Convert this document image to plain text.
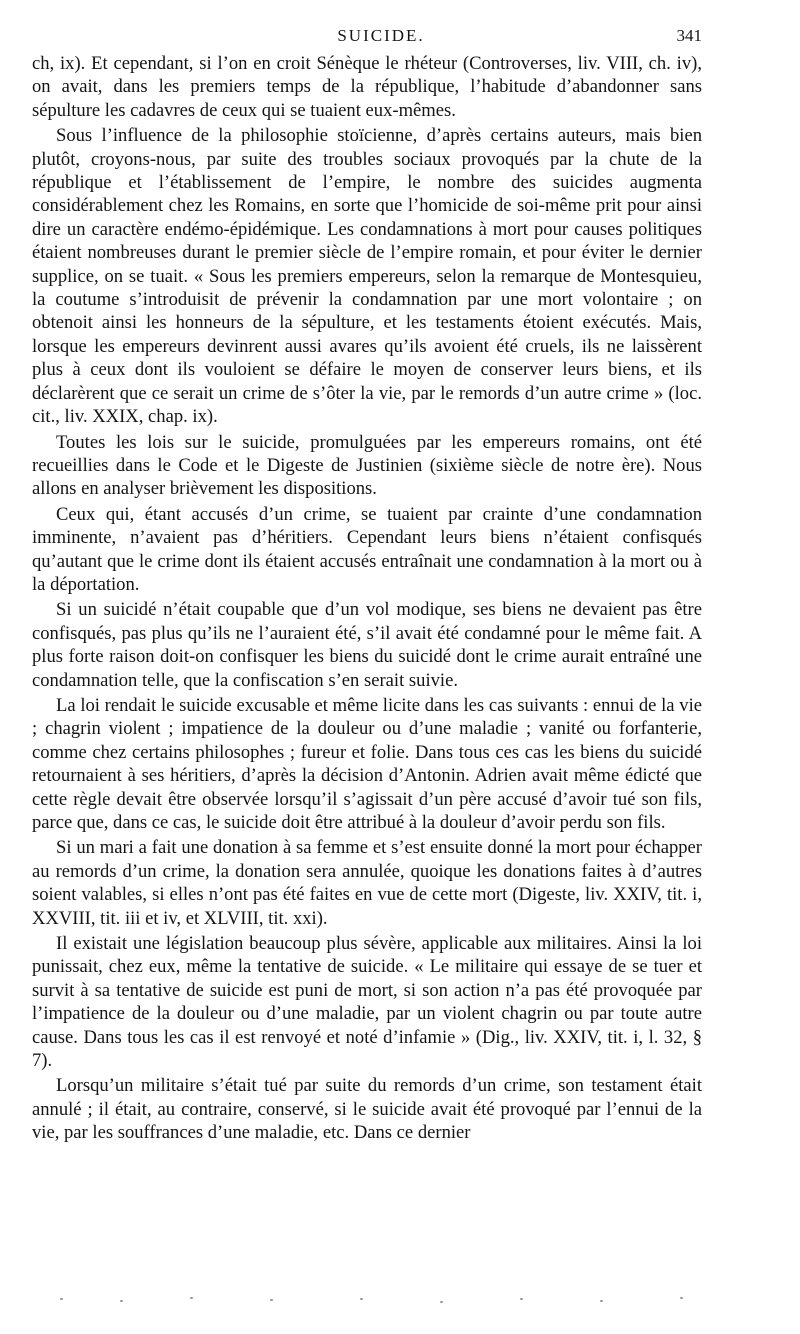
SUICIDE.	341

ch, ix). Et cependant, si l’on en croit Sénèque le rhéteur (Controverses, liv. VIII, ch. iv), on avait, dans les premiers temps de la république, l’habitude d’abandonner sans sépulture les cadavres de ceux qui se tuaient eux-mêmes.

Sous l’influence de la philosophie stoïcienne, d’après certains auteurs, mais bien plutôt, croyons-nous, par suite des troubles sociaux provoqués par la chute de la république et l’établissement de l’empire, le nombre des suicides augmenta considérablement chez les Romains, en sorte que l’homicide de soi-même prit pour ainsi dire un caractère endémo-épidémique. Les condamnations à mort pour causes politiques étaient nombreuses durant le premier siècle de l’empire romain, et pour éviter le dernier supplice, on se tuait. « Sous les premiers empereurs, selon la remarque de Montesquieu, la coutume s’introduisit de prévenir la condamnation par une mort volontaire ; on obtenoit ainsi les honneurs de la sépulture, et les testaments étoient exécutés. Mais, lorsque les empereurs devinrent aussi avares qu’ils avoient été cruels, ils ne laissèrent plus à ceux dont ils vouloient se défaire le moyen de conserver leurs biens, et ils déclarèrent que ce serait un crime de s’ôter la vie, par le remords d’un autre crime » (loc. cit., liv. XXIX, chap. ix).

Toutes les lois sur le suicide, promulguées par les empereurs romains, ont été recueillies dans le Code et le Digeste de Justinien (sixième siècle de notre ère). Nous allons en analyser brièvement les dispositions.

Ceux qui, étant accusés d’un crime, se tuaient par crainte d’une condamnation imminente, n’avaient pas d’héritiers. Cependant leurs biens n’étaient confisqués qu’autant que le crime dont ils étaient accusés entraînait une condamnation à la mort ou à la déportation.

Si un suicidé n’était coupable que d’un vol modique, ses biens ne devaient pas être confisqués, pas plus qu’ils ne l’auraient été, s’il avait été condamné pour le même fait. A plus forte raison doit-on confisquer les biens du suicidé dont le crime aurait entraîné une condamnation telle, que la confiscation s’en serait suivie.

La loi rendait le suicide excusable et même licite dans les cas suivants : ennui de la vie ; chagrin violent ; impatience de la douleur ou d’une maladie ; vanité ou forfanterie, comme chez certains philosophes ; fureur et folie. Dans tous ces cas les biens du suicidé retournaient à ses héritiers, d’après la décision d’Antonin. Adrien avait même édicté que cette règle devait être observée lorsqu’il s’agissait d’un père accusé d’avoir tué son fils, parce que, dans ce cas, le suicide doit être attribué à la douleur d’avoir perdu son fils.

Si un mari a fait une donation à sa femme et s’est ensuite donné la mort pour échapper au remords d’un crime, la donation sera annulée, quoique les donations faites à d’autres soient valables, si elles n’ont pas été faites en vue de cette mort (Digeste, liv. XXIV, tit. i, XXVIII, tit. iii et iv, et XLVIII, tit. xxi).

Il existait une législation beaucoup plus sévère, applicable aux militaires. Ainsi la loi punissait, chez eux, même la tentative de suicide. « Le militaire qui essaye de se tuer et survit à sa tentative de suicide est puni de mort, si son action n’a pas été provoquée par l’impatience de la douleur ou d’une maladie, par un violent chagrin ou par toute autre cause. Dans tous les cas il est renvoyé et noté d’infamie » (Dig., liv. XXIV, tit. i, l. 32, § 7).

Lorsqu’un militaire s’était tué par suite du remords d’un crime, son testament était annulé ; il était, au contraire, conservé, si le suicide avait été provoqué par l’ennui de la vie, par les souffrances d’une maladie, etc. Dans ce dernier
